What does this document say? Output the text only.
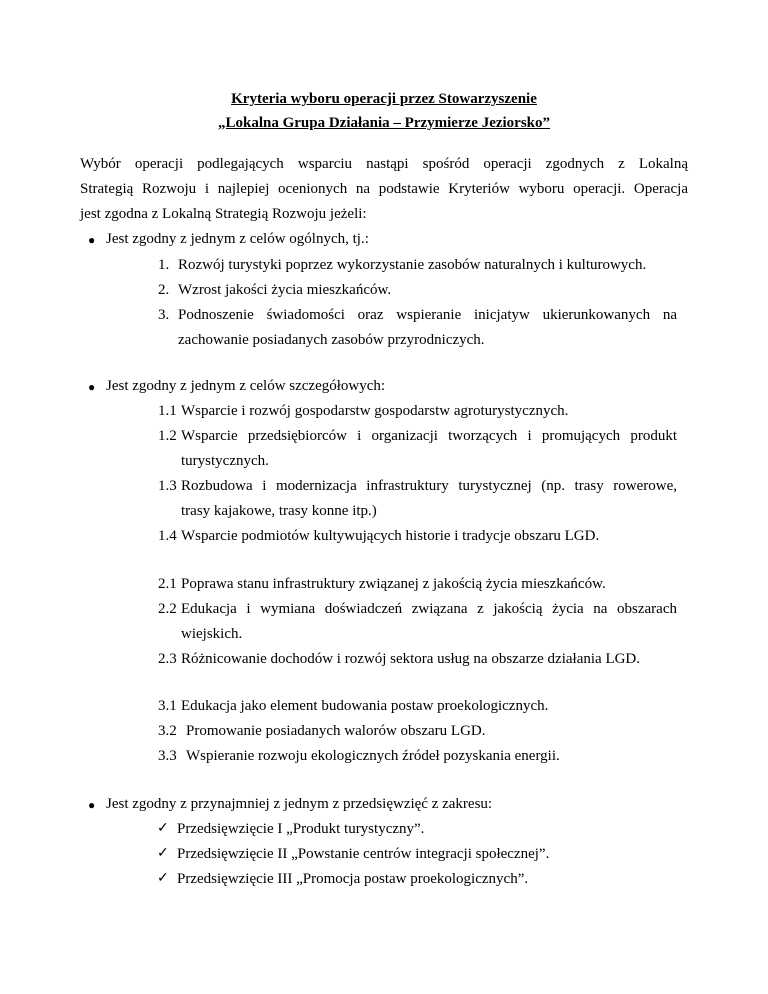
Kryteria wyboru operacji przez Stowarzyszenie
„Lokalna Grupa Działania – Przymierze Jeziorsko”
Wybór operacji podlegających wsparciu nastąpi spośród operacji zgodnych z Lokalną
Strategią Rozwoju i najlepiej ocenionych na podstawie Kryteriów wyboru operacji. Operacja
jest zgodna z Lokalną Strategią Rozwoju jeżeli:
● Jest zgodny z jednym z celów ogólnych, tj.:
1. Rozwój turystyki poprzez wykorzystanie zasobów naturalnych i kulturowych.
2. Wzrost jakości życia mieszkańców.
3. Podnoszenie świadomości oraz wspieranie inicjatyw ukierunkowanych na
zachowanie posiadanych zasobów przyrodniczych.
● Jest zgodny z jednym z celów szczegółowych:
1.1 Wsparcie i rozwój gospodarstw gospodarstw agroturystycznych.
1.2 Wsparcie przedsiębiorców i organizacji tworzących i promujących produkt
turystycznych.
1.3 Rozbudowa i modernizacja infrastruktury turystycznej (np. trasy rowerowe,
trasy kajakowe, trasy konne itp.)
1.4 Wsparcie podmiotów kultywujących historie i tradycje obszaru LGD.
2.1 Poprawa stanu infrastruktury związanej z jakością życia mieszkańców.
2.2 Edukacja i wymiana doświadczeń związana z jakością życia na obszarach
wiejskich.
2.3 Różnicowanie dochodów i rozwój sektora usług na obszarze działania LGD.
3.1 Edukacja jako element budowania postaw proekologicznych.
3.2 Promowanie posiadanych walorów obszaru LGD.
3.3 Wspieranie rozwoju ekologicznych źródeł pozyskania energii.
● Jest zgodny z przynajmniej z jednym z przedsięwzięć z zakresu:
✓ Przedsięwzięcie I „Produkt turystyczny”.
✓ Przedsięwzięcie II „Powstanie centrów integracji społecznej”.
✓ Przedsięwzięcie III „Promocja postaw proekologicznych”.
